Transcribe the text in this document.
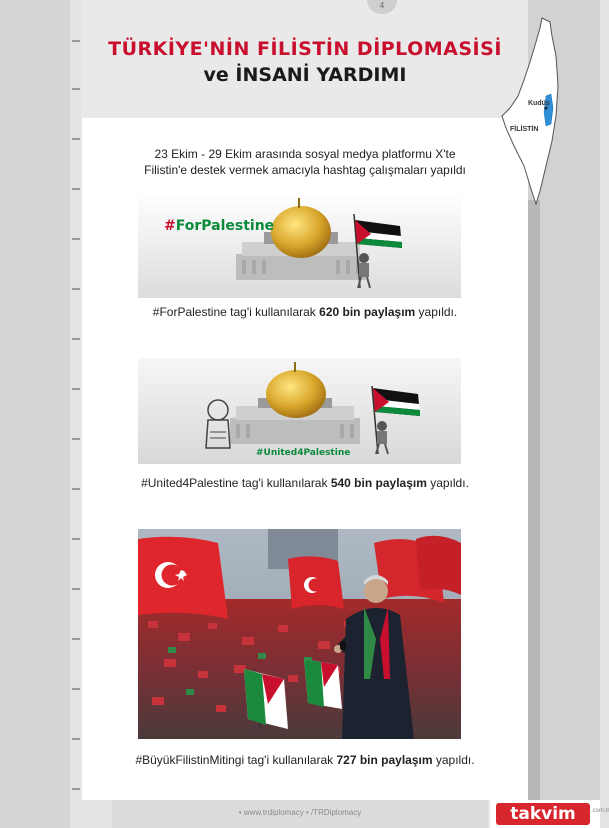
4
TÜRKİYE'NİN FİLİSTİN DİPLOMASİSİ
ve İNSANİ YARDIMI
Kudüs
FİLİSTİN
23 Ekim - 29 Ekim arasında sosyal medya platformu X'te
Filistin'e destek vermek amacıyla hashtag çalışmaları yapıldı
#ForPalestine
#ForPalestine tag'i kullanılarak 620 bin paylaşım yapıldı.
#United4Palestine
#United4Palestine tag'i kullanılarak 540 bin paylaşım yapıldı.
#BüyükFilistinMitingi tag'i kullanılarak 727 bin paylaşım yapıldı.
• www.trdiplomacy • /TRDiplomacy	takvim	.com.tr
